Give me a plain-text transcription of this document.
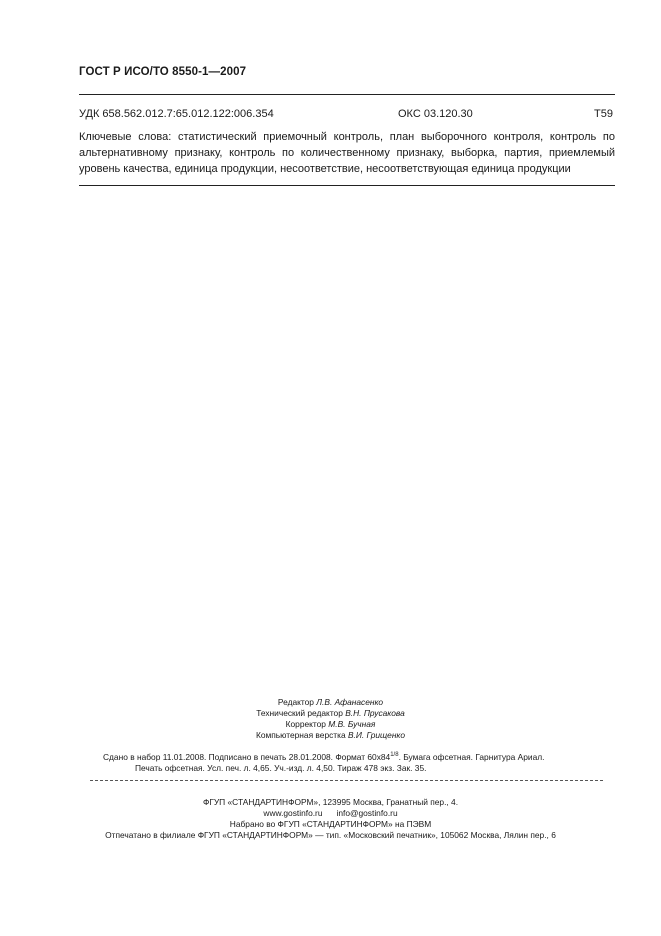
ГОСТ Р ИСО/ТО 8550-1—2007
УДК 658.562.012.7:65.012.122:006.354	ОКС 03.120.30	Т59
Ключевые слова: статистический приемочный контроль, план выборочного контроля, контроль по альтернативному признаку, контроль по количественному признаку, выборка, партия, приемлемый уровень качества, единица продукции, несоответствие, несоответствующая единица продукции
Редактор Л.В. Афанасенко
Технический редактор В.Н. Прусакова
Корректор М.В. Бучная
Компьютерная верстка В.И. Грищенко
Сдано в набор 11.01.2008. Подписано в печать 28.01.2008. Формат $60x84^{1/8}$. Бумага офсетная. Гарнитура Ариал.
Печать офсетная. Усл. печ. л. 4,65. Уч.-изд. л. 4,50. Тираж 478 экз. Зак. 35.
ФГУП «СТАНДАРТИНФОРМ», 123995 Москва, Гранатный пер., 4.
www.gostinfo.ru info@gostinfo.ru
Набрано во ФГУП «СТАНДАРТИНФОРМ» на ПЭВМ
Отпечатано в филиале ФГУП «СТАНДАРТИНФОРМ» — тип. «Московский печатник», 105062 Москва, Лялин пер., 6
